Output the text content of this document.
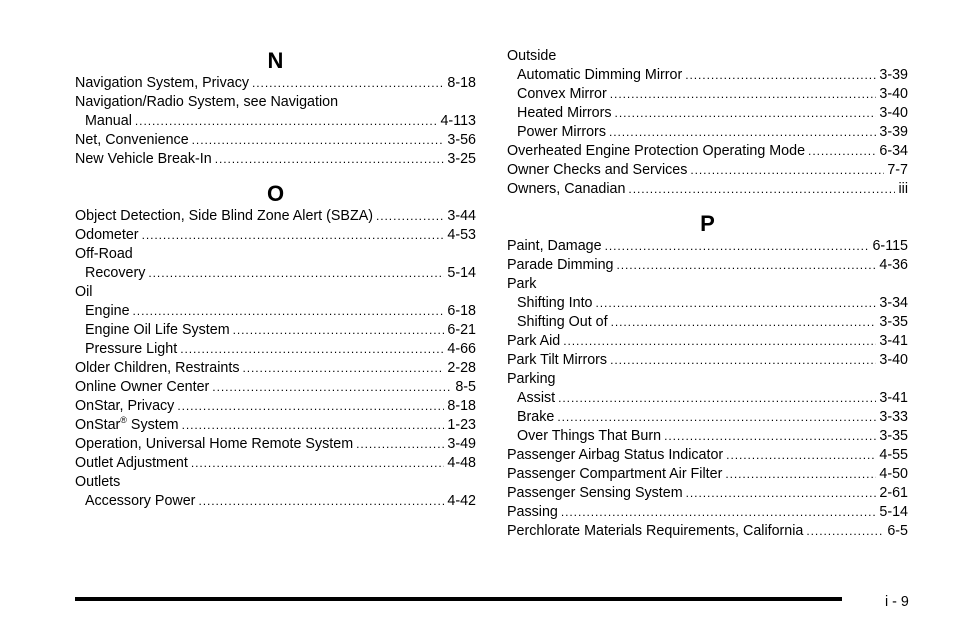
N
Navigation System, Privacy . . .	8-18
Navigation/Radio System, see Navigation
Manual . . .	4-113
Net, Convenience . . .	3-56
New Vehicle Break-In . . .	3-25
O
Object Detection, Side Blind Zone Alert (SBZA) . . .	3-44
Odometer . . .	4-53
Off-Road
Recovery . . .	5-14
Oil
Engine . . .	6-18
Engine Oil Life System . . .	6-21
Pressure Light . . .	4-66
Older Children, Restraints . . .	2-28
Online Owner Center . . .	8-5
OnStar, Privacy . . .	8-18
OnStar® System . . .	1-23
Operation, Universal Home Remote System . . .	3-49
Outlet Adjustment . . .	4-48
Outlets
Accessory Power . . .	4-42
Outside
Automatic Dimming Mirror . . .	3-39
Convex Mirror . . .	3-40
Heated Mirrors . . .	3-40
Power Mirrors . . .	3-39
Overheated Engine Protection Operating Mode . . .	6-34
Owner Checks and Services . . .	7-7
Owners, Canadian . . .	iii
P
Paint, Damage . . .	6-115
Parade Dimming . . .	4-36
Park
Shifting Into . . .	3-34
Shifting Out of . . .	3-35
Park Aid . . .	3-41
Park Tilt Mirrors . . .	3-40
Parking
Assist . . .	3-41
Brake . . .	3-33
Over Things That Burn . . .	3-35
Passenger Airbag Status Indicator . . .	4-55
Passenger Compartment Air Filter . . .	4-50
Passenger Sensing System . . .	2-61
Passing . . .	5-14
Perchlorate Materials Requirements, California . . .	6-5
i - 9
